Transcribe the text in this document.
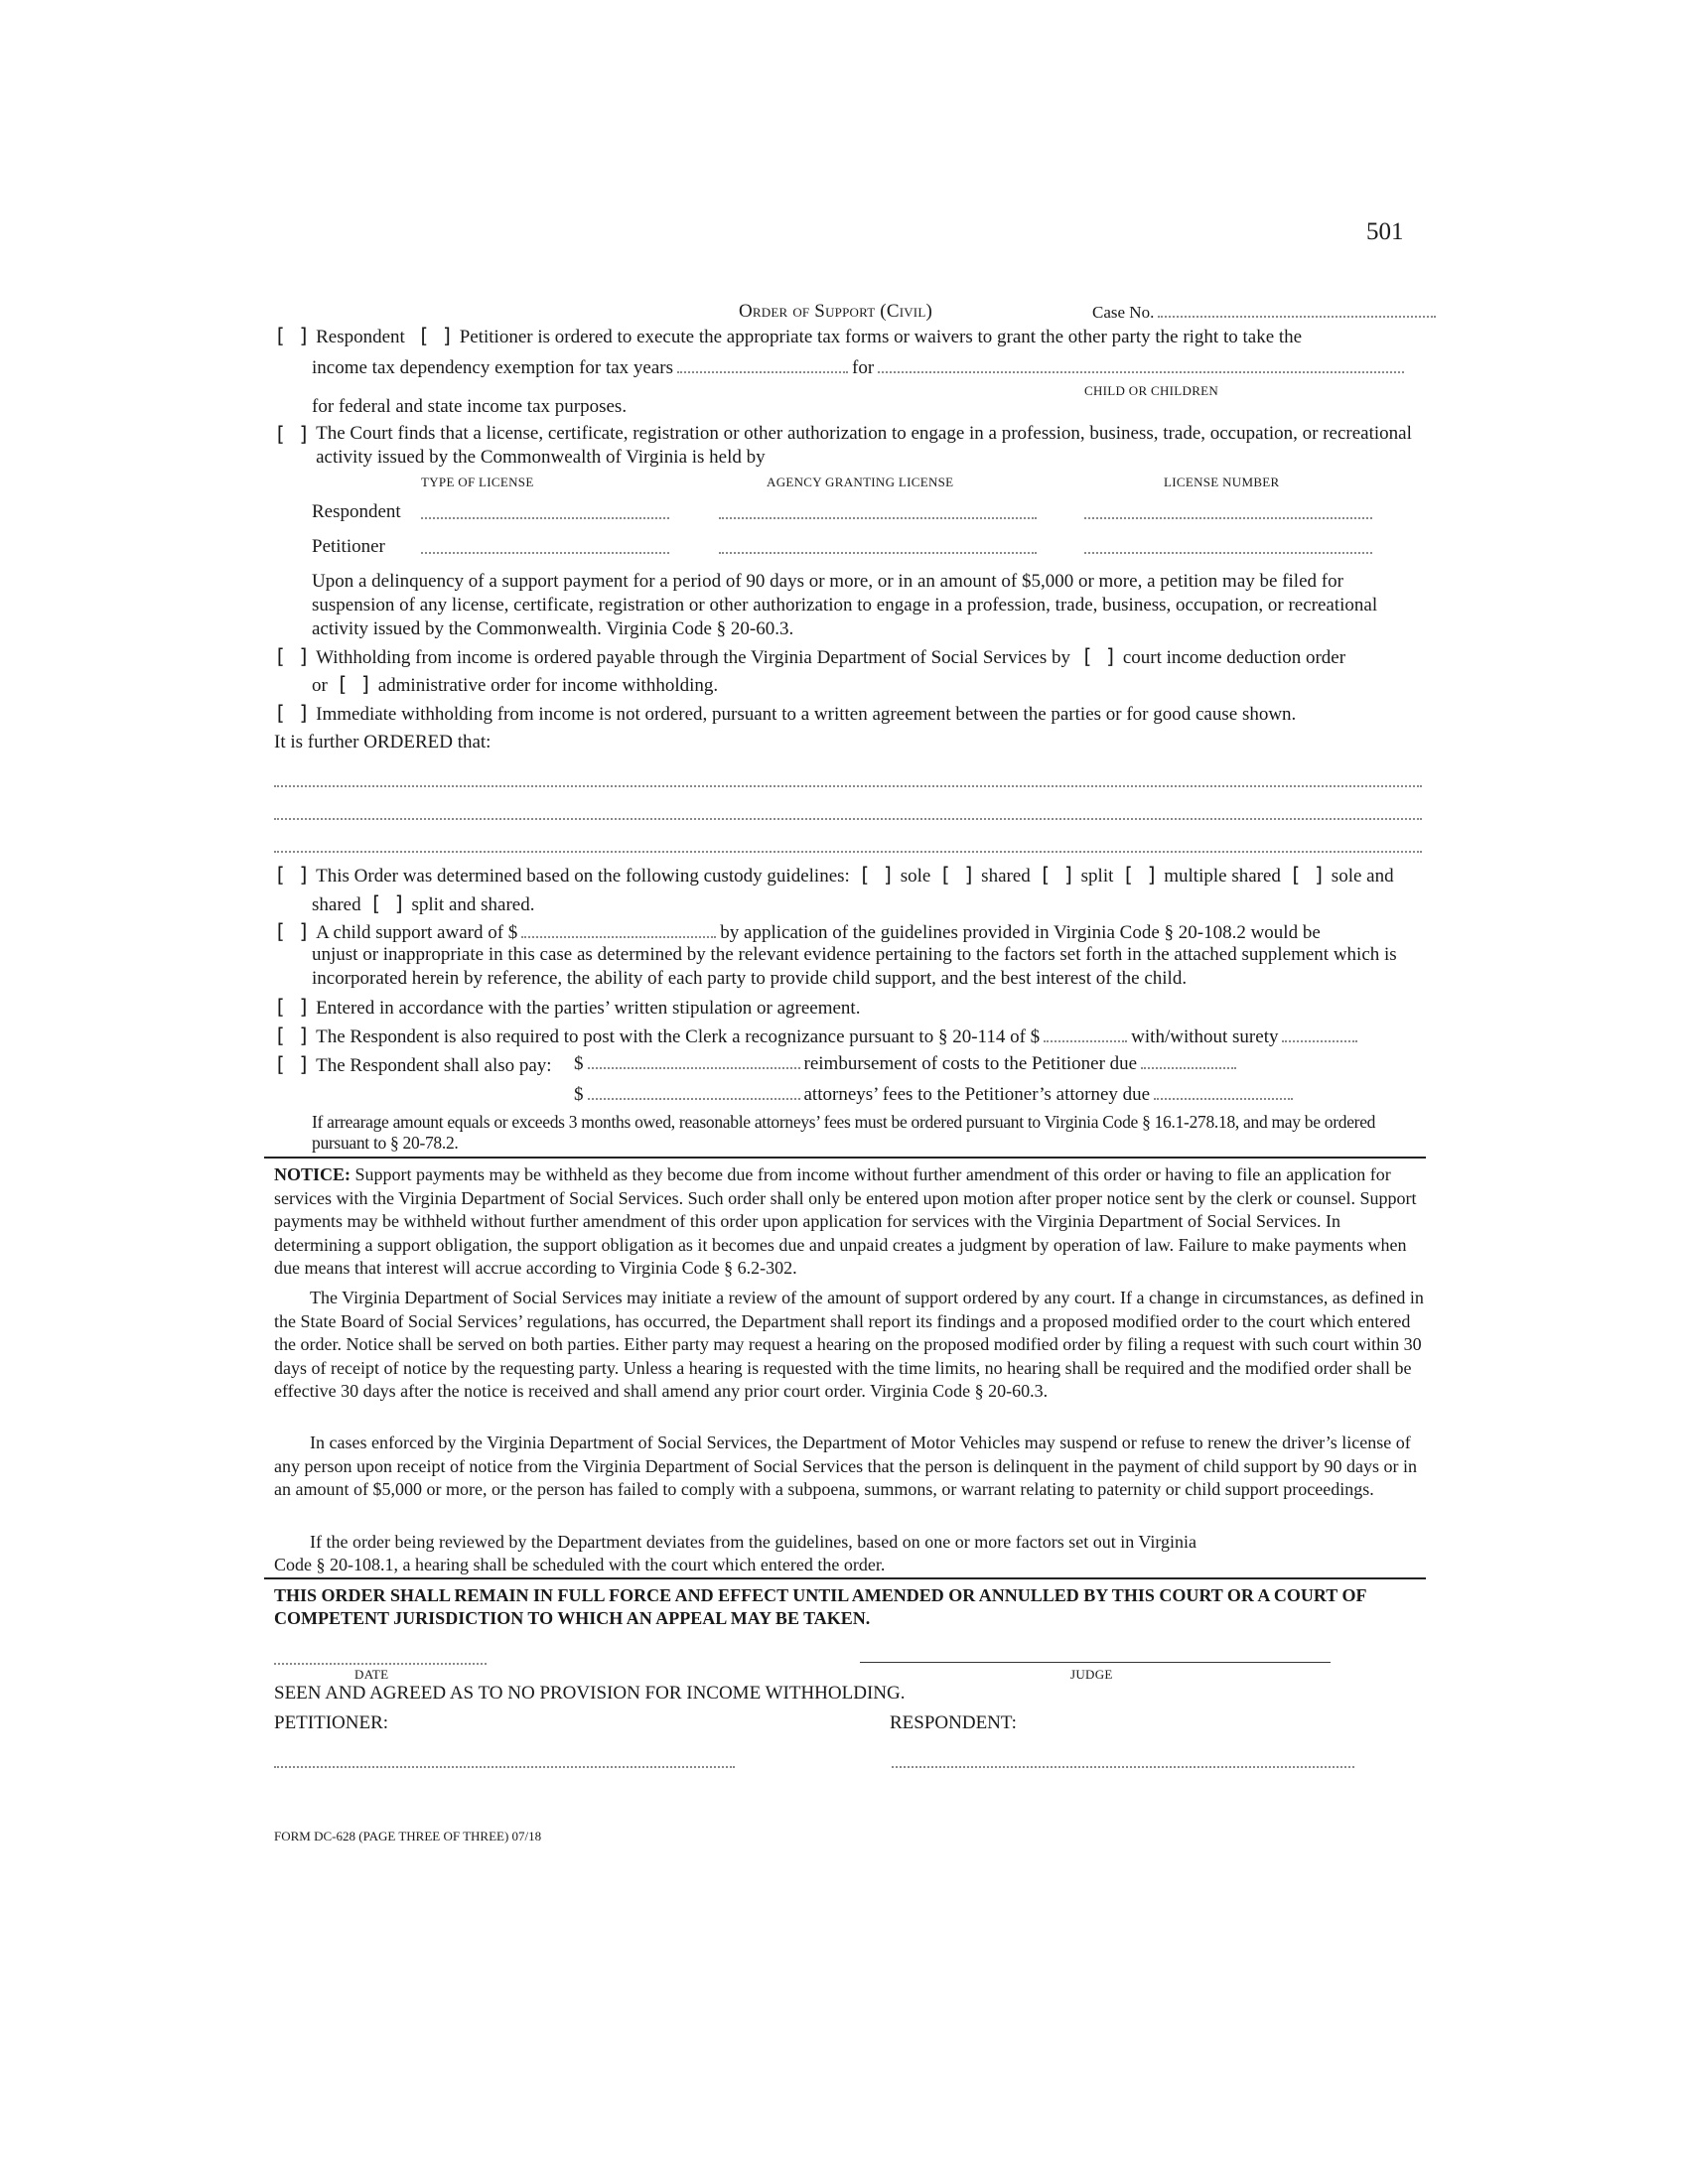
501
Order of Support (Civil)	Case No.
[ ] Respondent [ ] Petitioner is ordered to execute the appropriate tax forms or waivers to grant the other party the right to take the
income tax dependency exemption for tax years	for
CHILD OR CHILDREN
for federal and state income tax purposes.
[ ] The Court finds that a license, certificate, registration or other authorization to engage in a profession, business, trade, occupation, or recreational activity issued by the Commonwealth of Virginia is held by
TYPE OF LICENSE	AGENCY GRANTING LICENSE	LICENSE NUMBER
Respondent
Petitioner
Upon a delinquency of a support payment for a period of 90 days or more, or in an amount of $5,000 or more, a petition may be filed for suspension of any license, certificate, registration or other authorization to engage in a profession, trade, business, occupation, or recreational activity issued by the Commonwealth. Virginia Code § 20-60.3.
[ ] Withholding from income is ordered payable through the Virginia Department of Social Services by [ ] court income deduction order
or [ ] administrative order for income withholding.
[ ] Immediate withholding from income is not ordered, pursuant to a written agreement between the parties or for good cause shown.
It is further ORDERED that:
[ ] This Order was determined based on the following custody guidelines: [ ] sole [ ] shared [ ] split [ ] multiple shared [ ] sole and
shared [ ] split and shared.
[ ] A child support award of $	by application of the guidelines provided in Virginia Code § 20-108.2 would be
unjust or inappropriate in this case as determined by the relevant evidence pertaining to the factors set forth in the attached supplement which is incorporated herein by reference, the ability of each party to provide child support, and the best interest of the child.
[ ] Entered in accordance with the parties’ written stipulation or agreement.
[ ] The Respondent is also required to post with the Clerk a recognizance pursuant to § 20-114 of $	with/without surety
[ ] The Respondent shall also pay: $	reimbursement of costs to the Petitioner due
$	attorneys’ fees to the Petitioner’s attorney due
If arrearage amount equals or exceeds 3 months owed, reasonable attorneys’ fees must be ordered pursuant to Virginia Code § 16.1-278.18, and may be ordered pursuant to § 20-78.2.
NOTICE: Support payments may be withheld as they become due from income without further amendment of this order or having to file an application for services with the Virginia Department of Social Services. Such order shall only be entered upon motion after proper notice sent by the clerk or counsel. Support payments may be withheld without further amendment of this order upon application for services with the Virginia Department of Social Services. In determining a support obligation, the support obligation as it becomes due and unpaid creates a judgment by operation of law. Failure to make payments when due means that interest will accrue according to Virginia Code § 6.2-302.
The Virginia Department of Social Services may initiate a review of the amount of support ordered by any court. If a change in circumstances, as defined in the State Board of Social Services’ regulations, has occurred, the Department shall report its findings and a proposed modified order to the court which entered the order. Notice shall be served on both parties. Either party may request a hearing on the proposed modified order by filing a request with such court within 30 days of receipt of notice by the requesting party. Unless a hearing is requested with the time limits, no hearing shall be required and the modified order shall be effective 30 days after the notice is received and shall amend any prior court order. Virginia Code § 20-60.3.
In cases enforced by the Virginia Department of Social Services, the Department of Motor Vehicles may suspend or refuse to renew the driver’s license of any person upon receipt of notice from the Virginia Department of Social Services that the person is delinquent in the payment of child support by 90 days or in an amount of $5,000 or more, or the person has failed to comply with a subpoena, summons, or warrant relating to paternity or child support proceedings.
If the order being reviewed by the Department deviates from the guidelines, based on one or more factors set out in Virginia
Code § 20-108.1, a hearing shall be scheduled with the court which entered the order.
THIS ORDER SHALL REMAIN IN FULL FORCE AND EFFECT UNTIL AMENDED OR ANNULLED BY THIS COURT OR A COURT OF COMPETENT JURISDICTION TO WHICH AN APPEAL MAY BE TAKEN.
DATE	JUDGE
SEEN AND AGREED AS TO NO PROVISION FOR INCOME WITHHOLDING.
PETITIONER:	RESPONDENT:
FORM DC-628 (PAGE THREE OF THREE) 07/18
